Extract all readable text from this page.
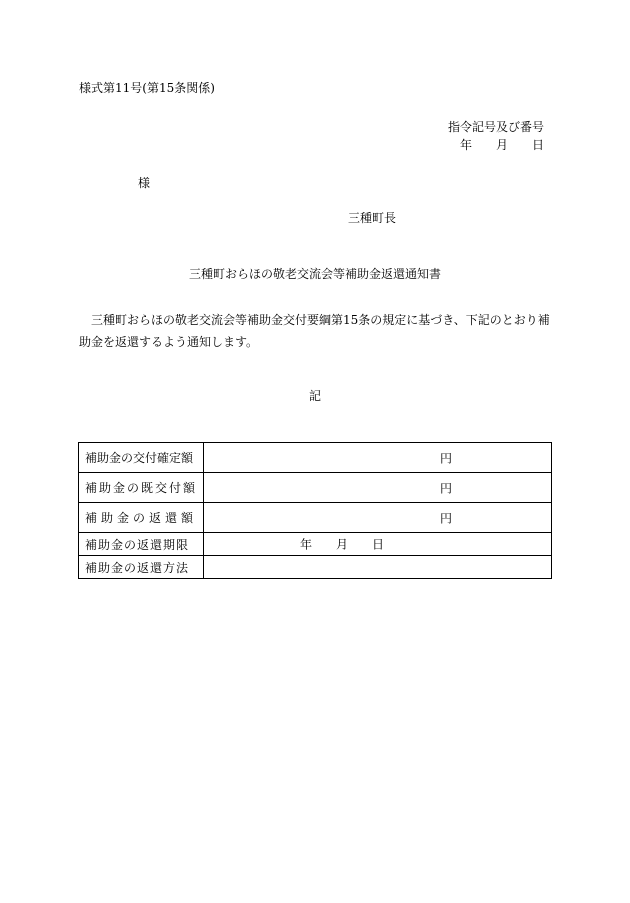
様式第11号(第15条関係)
指令記号及び番号
年　　月　　日
様
三種町長
三種町おらほの敬老交流会等補助金返還通知書
三種町おらほの敬老交流会等補助金交付要綱第15条の規定に基づき、下記のとおり補助金を返還するよう通知します。
記
補助金の交付確定額	円

補助金の既交付額	円

補助金の返還額	円

補助金の返還期限	年　　月　　日

補助金の返還方法	
